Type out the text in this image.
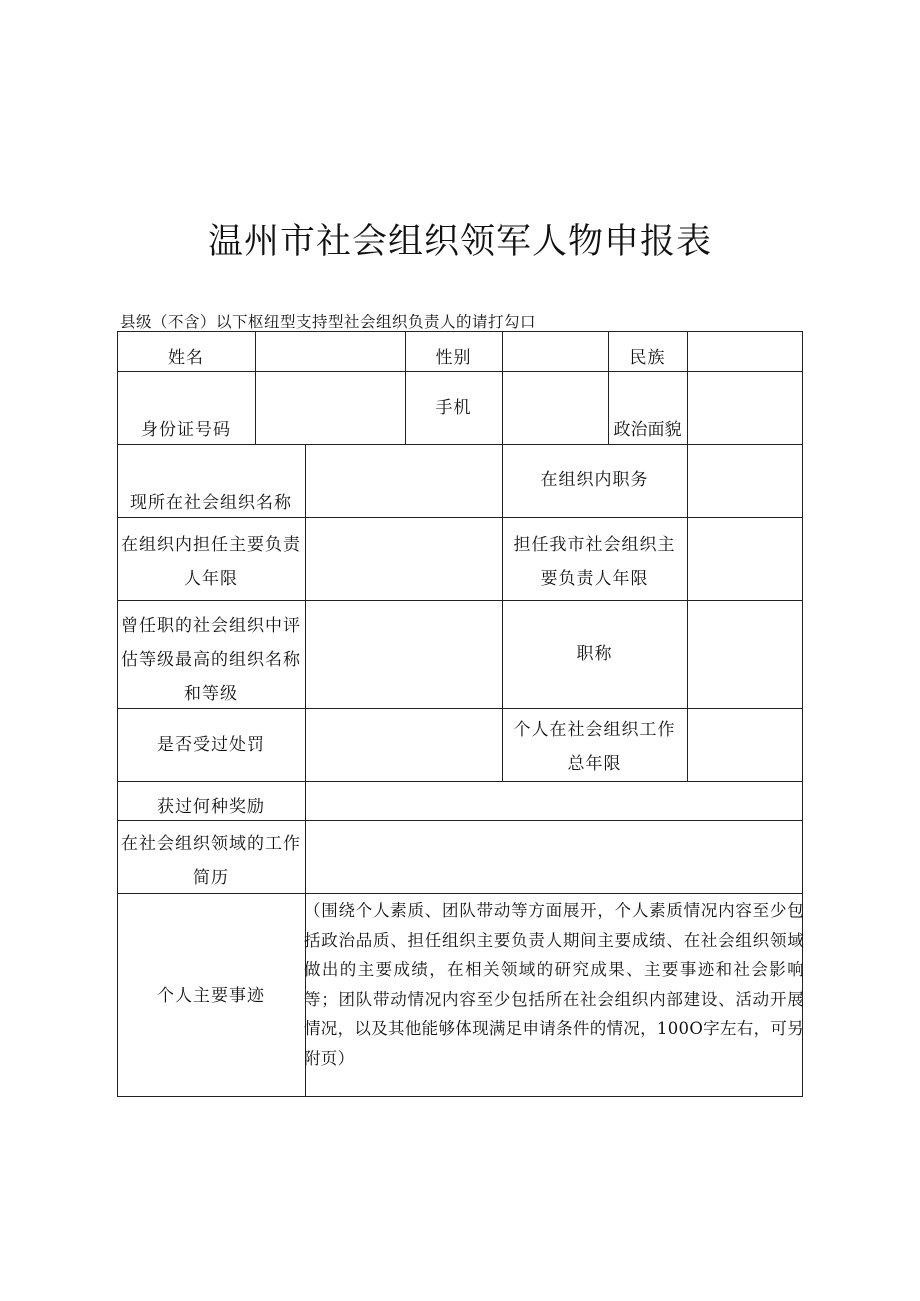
温州市社会组织领军人物申报表
县级（不含）以下枢纽型支持型社会组织负责人的请打勾口
姓名	性别	民族
身份证号码
手机
政治面貌
现所在社会组织名称
在组织内职务
在组织内担任主要负责
人年限
担任我市社会组织主
要负责人年限
曾任职的社会组织中评
估等级最高的组织名称
和等级
职称
是否受过处罚
个人在社会组织工作
总年限
获过何种奖励
在社会组织领域的工作
简历
个人主要事迹
（围绕个人素质、团队带动等方面展开，个人素质情况内容至少包括政治品质、担任组织主要负责人期间主要成绩、在社会组织领域做出的主要成绩，在相关领域的研究成果、主要事迹和社会影响等；团队带动情况内容至少包括所在社会组织内部建设、活动开展情况，以及其他能够体现满足申请条件的情况，100O字左右，可另附页）
